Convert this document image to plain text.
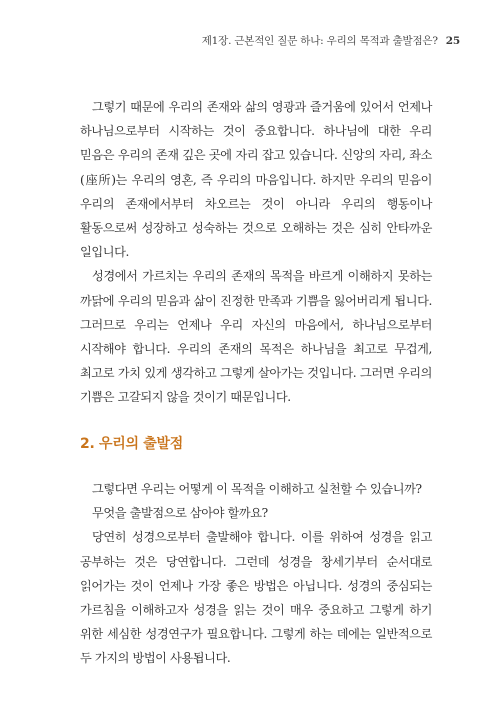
제1장. 근본적인 질문 하나: 우리의 목적과 출발점은? 25

그렇기 때문에 우리의 존재와 삶의 영광과 즐거움에 있어서 언제나 하나님으로부터 시작하는 것이 중요합니다. 하나님에 대한 우리 믿음은 우리의 존재 깊은 곳에 자리 잡고 있습니다. 신앙의 자리, 좌소(座所)는 우리의 영혼, 즉 우리의 마음입니다. 하지만 우리의 믿음이 우리의 존재에서부터 차오르는 것이 아니라 우리의 행동이나 활동으로써 성장하고 성숙하는 것으로 오해하는 것은 심히 안타까운 일입니다.

성경에서 가르치는 우리의 존재의 목적을 바르게 이해하지 못하는 까닭에 우리의 믿음과 삶이 진정한 만족과 기쁨을 잃어버리게 됩니다. 그러므로 우리는 언제나 우리 자신의 마음에서, 하나님으로부터 시작해야 합니다. 우리의 존재의 목적은 하나님을 최고로 무겁게, 최고로 가치 있게 생각하고 그렇게 살아가는 것입니다. 그러면 우리의 기쁨은 고갈되지 않을 것이기 때문입니다.

2. 우리의 출발점

그렇다면 우리는 어떻게 이 목적을 이해하고 실천할 수 있습니까?

무엇을 출발점으로 삼아야 할까요?

당연히 성경으로부터 출발해야 합니다. 이를 위하여 성경을 읽고 공부하는 것은 당연합니다. 그런데 성경을 창세기부터 순서대로 읽어가는 것이 언제나 가장 좋은 방법은 아닙니다. 성경의 중심되는 가르침을 이해하고자 성경을 읽는 것이 매우 중요하고 그렇게 하기 위한 세심한 성경연구가 필요합니다. 그렇게 하는 데에는 일반적으로 두 가지의 방법이 사용됩니다.
